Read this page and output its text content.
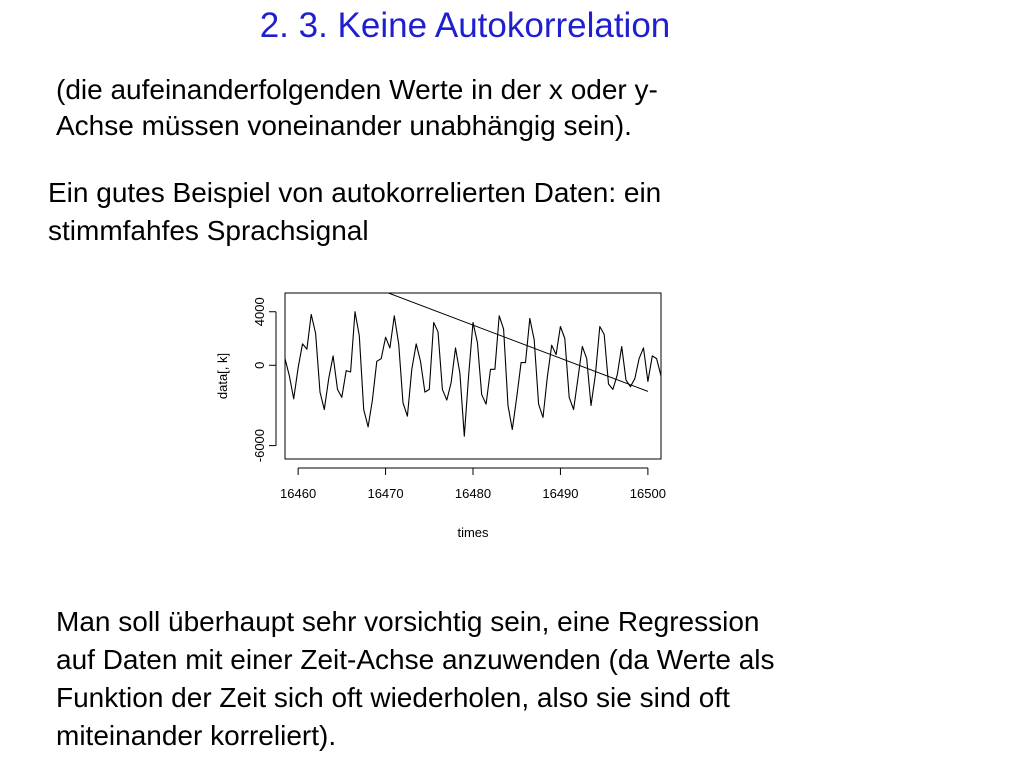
2. 3. Keine Autokorrelation
(die aufeinanderfolgenden Werte in der x oder y-
Achse müssen voneinander unabhängig sein).
Ein gutes Beispiel von autokorrelierten Daten: ein
stimmfahfes Sprachsignal
16460	16470	16480	16490	16500
-6000
0
4000
times
data[, k]
Man soll überhaupt sehr vorsichtig sein, eine Regression
auf Daten mit einer Zeit-Achse anzuwenden (da Werte als
Funktion der Zeit sich oft wiederholen, also sie sind oft
miteinander korreliert).
